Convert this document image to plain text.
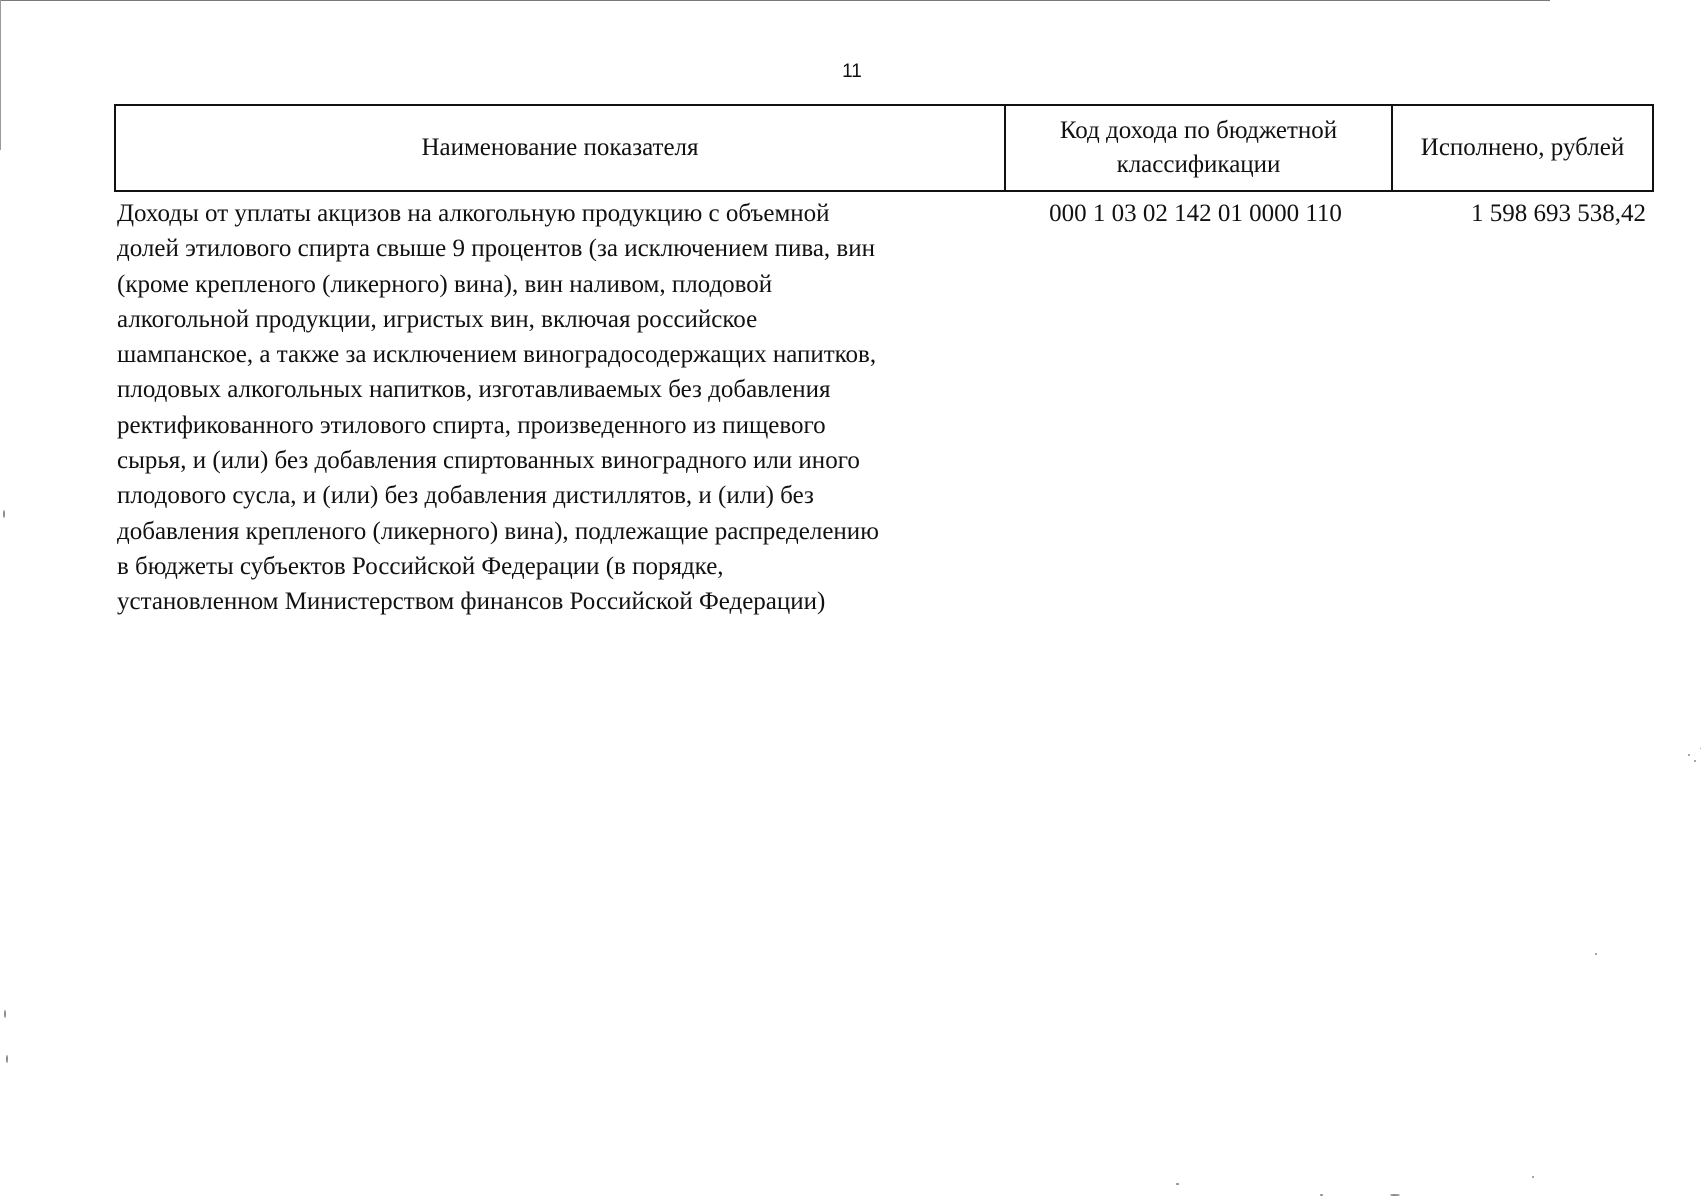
11
Наименование показателя
Код дохода по бюджетной классификации
Исполнено, рублей
Доходы от уплаты акцизов на алкогольную продукцию с объемной
долей этилового спирта свыше 9 процентов (за исключением пива, вин
(кроме крепленого (ликерного) вина), вин наливом, плодовой
алкогольной продукции, игристых вин, включая российское
шампанское, а также за исключением виноградосодержащих напитков,
плодовых алкогольных напитков, изготавливаемых без добавления
ректификованного этилового спирта, произведенного из пищевого
сырья, и (или) без добавления спиртованных виноградного или иного
плодового сусла, и (или) без добавления дистиллятов, и (или) без
добавления крепленого (ликерного) вина), подлежащие распределению
в бюджеты субъектов Российской Федерации (в порядке,
установленном Министерством финансов Российской Федерации)
000 1 03 02 142 01 0000 110	1 598 693 538,42
